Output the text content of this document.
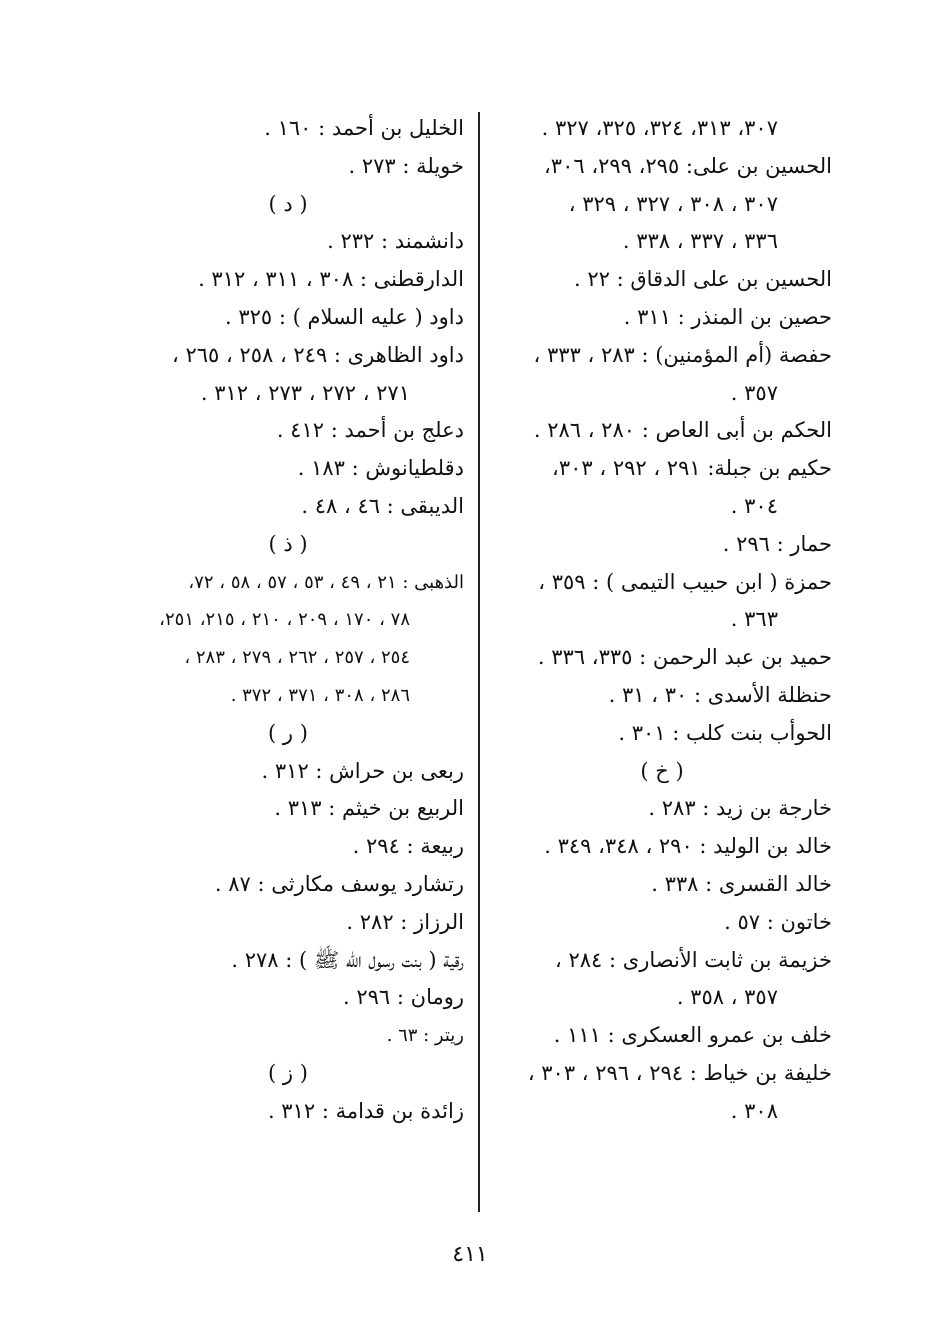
٣٠٧، ٣١٣، ٣٢٤، ٣٢٥، ٣٢٧ .
الحسين بن على: ٢٩٥، ٢٩٩، ٣٠٦،
٣٠٧ ، ٣٠٨ ، ٣٢٧ ، ٣٢٩ ،
٣٣٦ ، ٣٣٧ ، ٣٣٨ .
الحسين بن على الدقاق : ٢٢ .
حصين بن المنذر : ٣١١ .
حفصة (أم المؤمنين) : ٢٨٣ ، ٣٣٣ ،
٣٥٧ .
الحكم بن أبى العاص : ٢٨٠ ، ٢٨٦ .
حكيم بن جبلة: ٢٩١ ، ٢٩٢ ، ٣٠٣،
٣٠٤ .
حمار : ٢٩٦ .
حمزة ( ابن حبيب التيمى ) : ٣٥٩ ،
٣٦٣ .
حميد بن عبد الرحمن : ٣٣٥، ٣٣٦ .
حنظلة الأسدى : ٣٠ ، ٣١ .
الحوأب بنت كلب : ٣٠١ .
( خ )
خارجة بن زيد : ٢٨٣ .
خالد بن الوليد : ٢٩٠ ، ٣٤٨، ٣٤٩ .
خالد القسرى : ٣٣٨ .
خاتون : ٥٧ .
خزيمة بن ثابت الأنصارى : ٢٨٤ ،
٣٥٧ ، ٣٥٨ .
خلف بن عمرو العسكرى : ١١١ .
خليفة بن خياط : ٢٩٤ ، ٢٩٦ ، ٣٠٣ ،
٣٠٨ .
الخليل بن أحمد : ١٦٠ .
خويلة : ٢٧٣ .
( د )
دانشمند : ٢٣٢ .
الدارقطنى : ٣٠٨ ، ٣١١ ، ٣١٢ .
داود ( عليه السلام ) : ٣٢٥ .
داود الظاهرى : ٢٤٩ ، ٢٥٨ ، ٢٦٥ ،
٢٧١ ، ٢٧٢ ، ٢٧٣ ، ٣١٢ .
دعلج بن أحمد : ٤١٢ .
دقلطيانوش : ١٨٣ .
الديبقى : ٤٦ ، ٤٨ .
( ذ )
الذهبى : ٢١ ، ٤٩ ، ٥٣ ، ٥٧ ، ٥٨ ، ٧٢،
٧٨ ، ١٧٠ ، ٢٠٩ ، ٢١٠ ، ٢١٥، ٢٥١،
٢٥٤ ، ٢٥٧ ، ٢٦٢ ، ٢٧٩ ، ٢٨٣ ،
٢٨٦ ، ٣٠٨ ، ٣٧١ ، ٣٧٢ .
( ر )
ربعى بن حراش : ٣١٢ .
الربيع بن خيثم : ٣١٣ .
ربيعة : ٢٩٤ .
رتشارد يوسف مكارثى : ٨٧ .
الرزاز : ٢٨٢ .
رقية ( بنت رسول الله ﷺ ) : ٢٧٨ .
رومان : ٢٩٦ .
ريتر : ٦٣ .
( ز )
زائدة بن قدامة : ٣١٢ .
٤١١
